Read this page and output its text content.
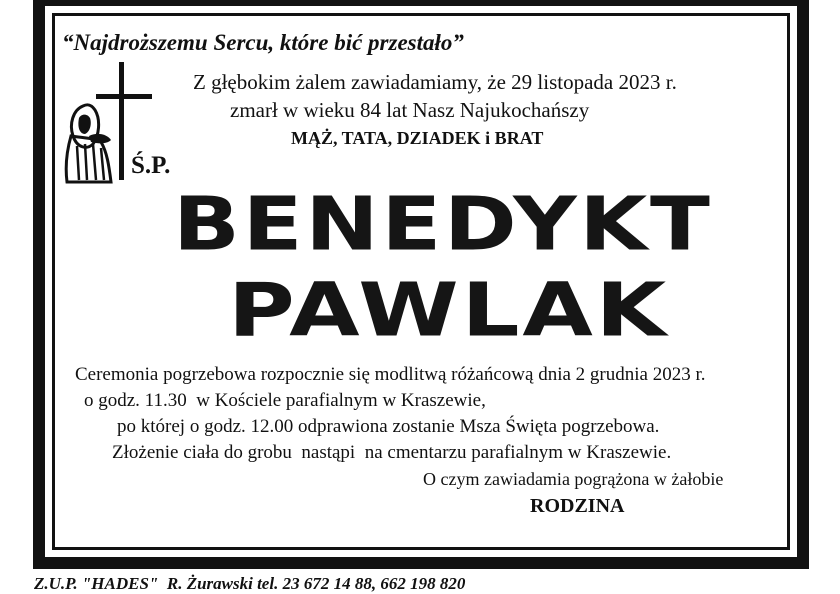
“Najdroższemu Sercu, które bić przestało”
Z głębokim żalem zawiadamiamy, że 29 listopada 2023 r.
zmarł w wieku 84 lat Nasz Najukochańszy
MĄŻ, TATA, DZIADEK i BRAT
Ś.P.
BENEDYKT
PAWLAK
Ceremonia pogrzebowa rozpocznie się modlitwą różańcową dnia 2 grudnia 2023 r.
o godz. 11.30  w Kościele parafialnym w Kraszewie,
po której o godz. 12.00 odprawiona zostanie Msza Święta pogrzebowa.
Złożenie ciała do grobu  nastąpi  na cmentarzu parafialnym w Kraszewie.
O czym zawiadamia pogrążona w żałobie
RODZINA
Z.U.P. "HADES"  R. Żurawski tel. 23 672 14 88, 662 198 820
